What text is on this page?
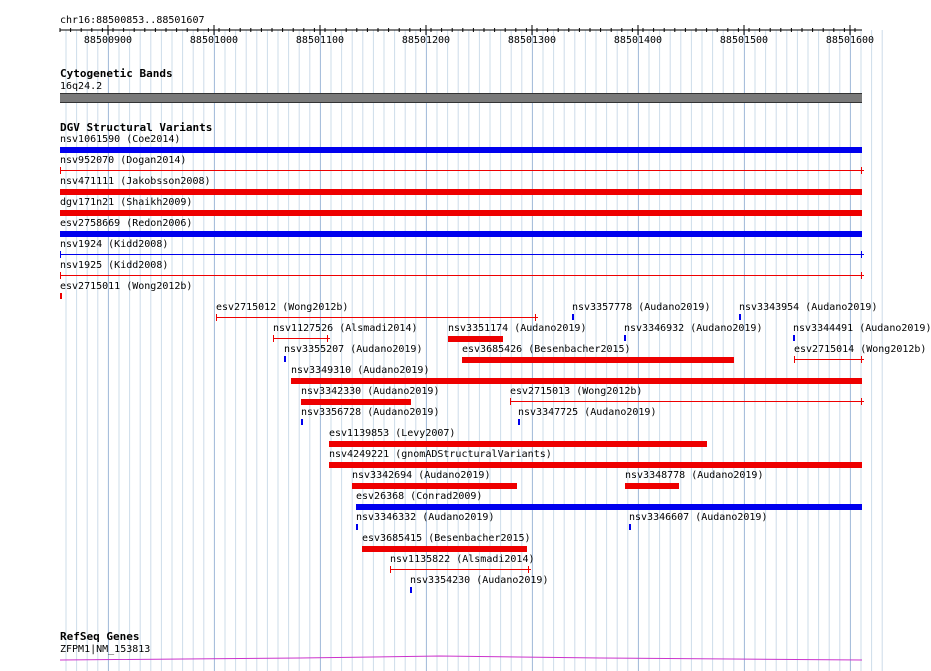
chr16:88500853..88501607
88500900	88501000	88501100	88501200	88501300	88501400	88501500	88501600
Cytogenetic Bands
16q24.2
DGV Structural Variants
nsv1061590 (Coe2014)
nsv952070 (Dogan2014)
nsv471111 (Jakobsson2008)
dgv171n21 (Shaikh2009)
esv2758669 (Redon2006)
nsv1924 (Kidd2008)
nsv1925 (Kidd2008)
esv2715011 (Wong2012b)
esv2715012 (Wong2012b)	nsv3357778 (Audano2019)	nsv3343954 (Audano2019)
nsv1127526 (Alsmadi2014)	nsv3351174 (Audano2019)	nsv3346932 (Audano2019)	nsv3344491 (Audano2019)
nsv3355207 (Audano2019)	esv3685426 (Besenbacher2015)	esv2715014 (Wong2012b)
nsv3349310 (Audano2019)
nsv3342330 (Audano2019)	esv2715013 (Wong2012b)
nsv3356728 (Audano2019)	nsv3347725 (Audano2019)
esv1139853 (Levy2007)
nsv4249221 (gnomADStructuralVariants)
nsv3342694 (Audano2019)	nsv3348778 (Audano2019)
esv26368 (Conrad2009)
nsv3346332 (Audano2019)	nsv3346607 (Audano2019)
esv3685415 (Besenbacher2015)
nsv1135822 (Alsmadi2014)
nsv3354230 (Audano2019)
RefSeq Genes
ZFPM1|NM_153813
